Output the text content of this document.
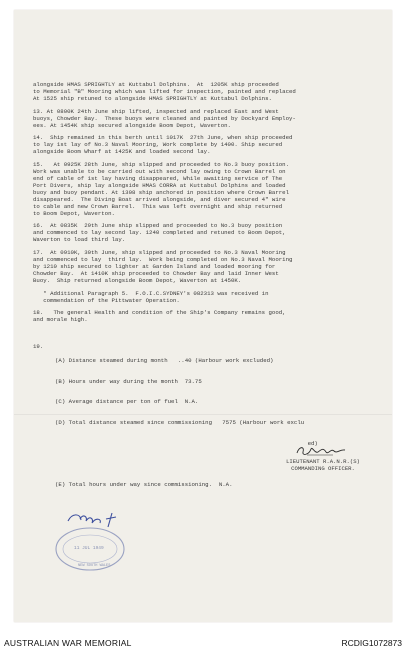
alongside HMAS SPRIGHTLY at Kuttabul Dolphins.  At  1205K ship proceeded
to Memorial "B" Mooring which was lifted for inspection, painted and replaced
At 1525 ship retuned to alongside HMAS SPRIGHTLY at Kuttabul Dolphins.

13. At 0800K 24th June ship lifted, inspected and replaced East and West
buoys, Chowder Bay.  These buoys were cleaned and painted by Dockyard Employ-
ees. At 1454K ship secured alongside Boom Depot, Waverton.

14.  Ship remained in this berth until 1017K  27th June, when ship proceeded
to lay 1st lay of No.3 Naval Mooring, Work complete by 1400. Ship secured
alongside Boom Wharf at 1425K and loaded second lay.

15.   At 0925K 28th June, ship slipped and proceeded to No.3 buoy position.
Work was unable to be carried out with second lay owing to Crown Barrel on
end of cable of 1st lay having disappeared, While awaiting service of The
Port Divers, ship lay alongside HMAS CORRA at Kuttabul Dolphins and loaded
buoy and buoy pendant. At 1308 ship anchored in position where Crown Barrel
disappeared.  The Diving Boat arrived alongside, and diver secured 4" wire
to cable and new Crown Barrel.  This was left overnight and ship returned
to Boom Depot, Waverton.

16.  At 0835K  29th June ship slipped and proceeded to No.3 buoy position
and commenced to lay second lay. 1240 completed and retuned to Boom Depot,
Waverton to load third lay.

17.  At 0910K, 30th June, ship slipped and proceeded to No.3 Naval Mooring
and commenced to lay  third lay.  Work being completed on No.3 Naval Mooring
by 1210 ship secured to lighter at Garden Island and loaded mooring for
Chowder Bay.  At 1410K ship proceeded to Chowder Bay and laid Inner West
Buoy.  Ship returned alongside Boom Depot, Waverton at 1450K.

* Additional Paragraph 5.  F.O.I.C.SYDNEY's 082313 was received in
commendation of the Pittwater Operation.

18.   The general Health and condition of the Ship's Company remains good,
and morale high.

19.

(A) Distance steamed during month   ..40 (Harbour work excluded)

(B) Hours under way during the month  73.75

(C) Average distance per ton of fuel  N.A.

(D) Total distance steamed since commissioning   7575 (Harbour work exclu

ed)

(E) Total hours under way since commissioning.  N.A.

LIEUTENANT R.A.N.R.(S)
COMMANDING OFFICER.
11 JUL 1949
NEW SOUTH WALES
AUSTRALIAN WAR MEMORIAL	RCDIG1072873
